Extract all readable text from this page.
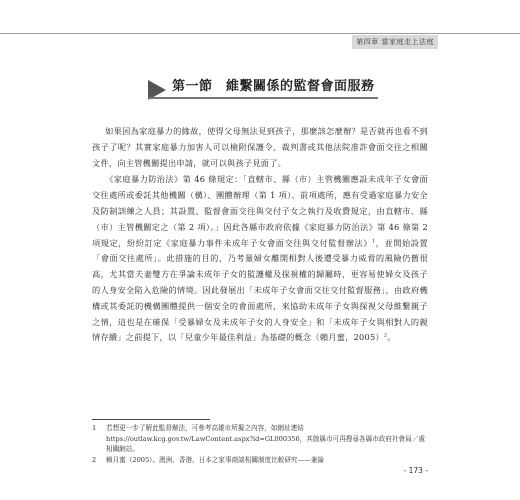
第四章 當家庭走上法庭
第一節　維繫關係的監督會面服務

如果因為家庭暴力的緣故，使得父母無法見到孩子，那麼該怎麼辦？是否就再也看不到孩子了呢？其實家庭暴力加害人可以檢附保護令、裁判書或其他法院准許會面交往之相關文件，向主管機關提出申請，就可以與孩子見面了。

《家庭暴力防治法》第 46 條規定：「直轄市、縣（市）主管機關應設未成年子女會面交往處所或委託其他機關（構）、團體辦理（第 1 項）。前項處所，應有受過家庭暴力安全及防制訓練之人員；其設置、監督會面交往與交付子女之執行及收費規定，由直轄市、縣（市）主管機關定之（第 2 項）。」因此各縣市政府依據《家庭暴力防治法》第 46 條第 2 項規定，紛紛訂定《家庭暴力事件未成年子女會面交往與交付監督辦法》$^1$，並開始設置「會面交往處所」。此措施的目的，乃考量婦女離開相對人後遭受暴力威脅的風險仍舊很高，尤其當夫妻雙方在爭論未成年子女的監護權及探視權的歸屬時，更容易使婦女及孩子的人身安全陷入危險的情境。因此發展出「未成年子女會面交往交付監督服務」，由政府機構或其委託的機構團體提供一個安全的會面處所，來協助未成年子女與探視父母維繫親子之情，這也是在確保「受暴婦女及未成年子女的人身安全」和「未成年子女與相對人的親情存續」之前提下，以「兒童少年最佳利益」為基礎的概念（賴月蜜，2005）$^2$。

1	若想更一步了解此監督辦法，可參考高雄市所擬之內容，如網址連結 https://outlaw.kcg.gov.tw/LawContent.aspx?id=GL000356，其餘縣市可再搜尋各縣市政府社會局／處相關網站。
2	賴月蜜（2005）。澳洲、香港、日本之家事商談相關制度比較研究——兼論
- 173 -
